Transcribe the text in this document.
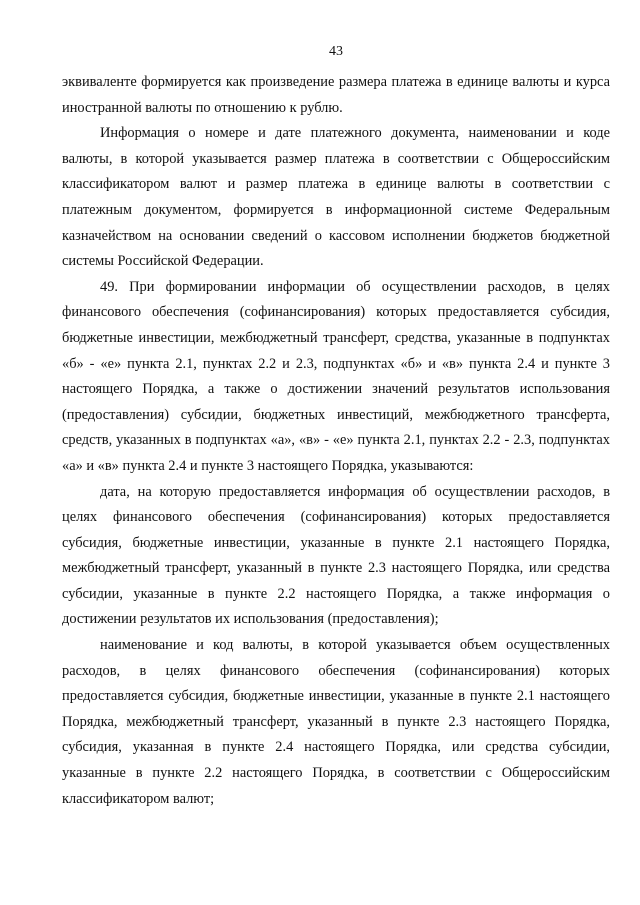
43

эквиваленте формируется как произведение размера платежа в единице валюты и курса иностранной валюты по отношению к рублю.

Информация о номере и дате платежного документа, наименовании и коде валюты, в которой указывается размер платежа в соответствии с Общероссийским классификатором валют и размер платежа в единице валюты в соответствии с платежным документом, формируется в информационной системе Федеральным казначейством на основании сведений о кассовом исполнении бюджетов бюджетной системы Российской Федерации.

49. При формировании информации об осуществлении расходов, в целях финансового обеспечения (софинансирования) которых предоставляется субсидия, бюджетные инвестиции, межбюджетный трансферт, средства, указанные в подпунктах «б» - «е» пункта 2.1, пунктах 2.2 и 2.3, подпунктах «б» и «в» пункта 2.4 и пункте 3 настоящего Порядка, а также о достижении значений результатов использования (предоставления) субсидии, бюджетных инвестиций, межбюджетного трансферта, средств, указанных в подпунктах «а», «в» - «е» пункта 2.1, пунктах 2.2 - 2.3, подпунктах «а» и «в» пункта 2.4 и пункте 3 настоящего Порядка, указываются:

дата, на которую предоставляется информация об осуществлении расходов, в целях финансового обеспечения (софинансирования) которых предоставляется субсидия, бюджетные инвестиции, указанные в пункте 2.1 настоящего Порядка, межбюджетный трансферт, указанный в пункте 2.3 настоящего Порядка, или средства субсидии, указанные в пункте 2.2 настоящего Порядка, а также информация о достижении результатов их использования (предоставления);

наименование и код валюты, в которой указывается объем осуществленных расходов, в целях финансового обеспечения (софинансирования) которых предоставляется субсидия, бюджетные инвестиции, указанные в пункте 2.1 настоящего Порядка, межбюджетный трансферт, указанный в пункте 2.3 настоящего Порядка, субсидия, указанная в пункте 2.4 настоящего Порядка, или средства субсидии, указанные в пункте 2.2 настоящего Порядка, в соответствии с Общероссийским классификатором валют;
